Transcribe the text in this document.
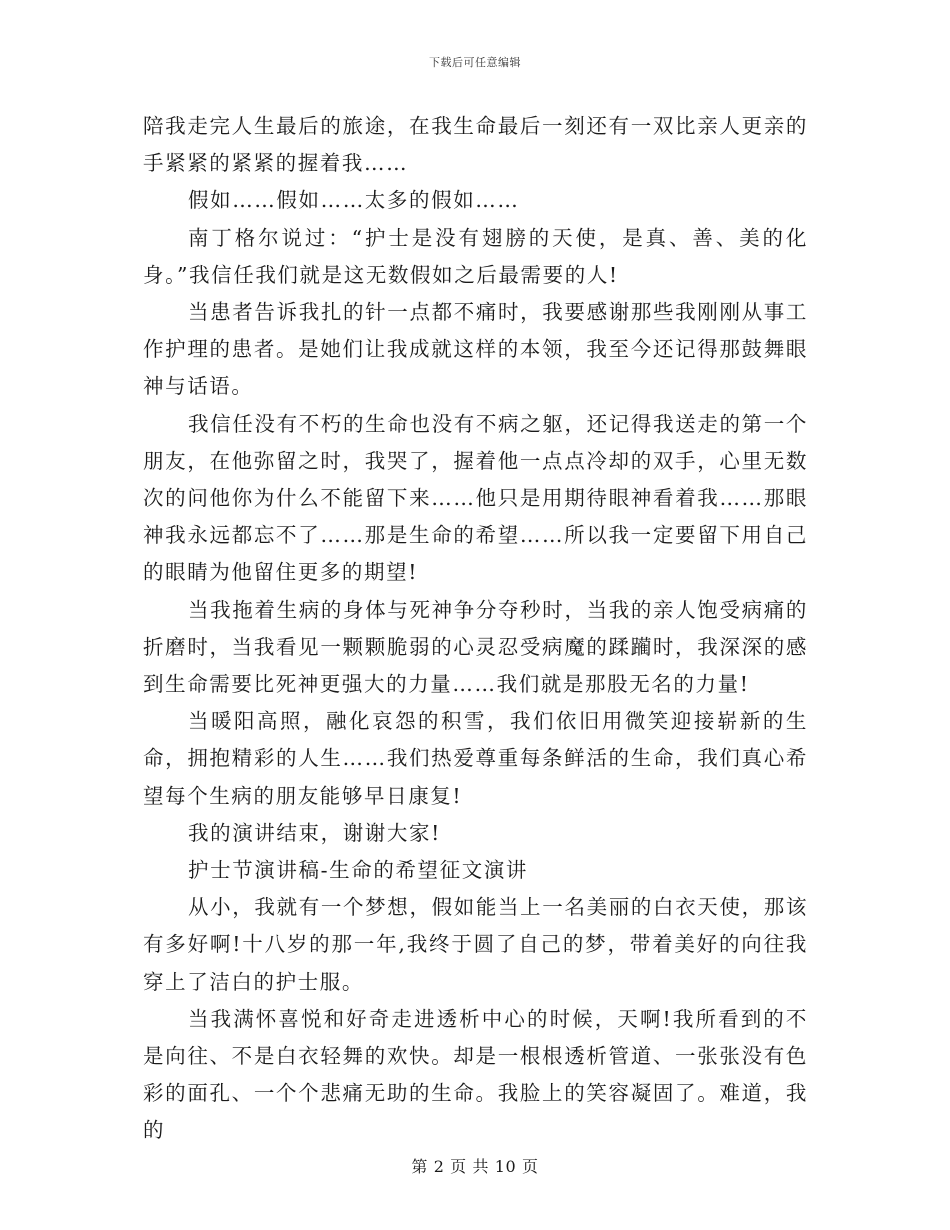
下载后可任意编辑

陪我走完人生最后的旅途，在我生命最后一刻还有一双比亲人更亲的手紧紧的紧紧的握着我……

假如……假如……太多的假如……

南丁格尔说过：“护士是没有翅膀的天使，是真、善、美的化身。”我信任我们就是这无数假如之后最需要的人!

当患者告诉我扎的针一点都不痛时，我要感谢那些我刚刚从事工作护理的患者。是她们让我成就这样的本领，我至今还记得那鼓舞眼神与话语。

我信任没有不朽的生命也没有不病之躯，还记得我送走的第一个朋友，在他弥留之时，我哭了，握着他一点点冷却的双手，心里无数次的问他你为什么不能留下来……他只是用期待眼神看着我……那眼神我永远都忘不了……那是生命的希望……所以我一定要留下用自己的眼睛为他留住更多的期望!

当我拖着生病的身体与死神争分夺秒时，当我的亲人饱受病痛的折磨时，当我看见一颗颗脆弱的心灵忍受病魔的蹂躏时，我深深的感到生命需要比死神更强大的力量……我们就是那股无名的力量!

当暖阳高照，融化哀怨的积雪，我们依旧用微笑迎接崭新的生命，拥抱精彩的人生……我们热爱尊重每条鲜活的生命，我们真心希望每个生病的朋友能够早日康复!

我的演讲结束，谢谢大家!

护士节演讲稿-生命的希望征文演讲

从小，我就有一个梦想，假如能当上一名美丽的白衣天使，那该有多好啊!十八岁的那一年,我终于圆了自己的梦，带着美好的向往我穿上了洁白的护士服。

当我满怀喜悦和好奇走进透析中心的时候，天啊!我所看到的不是向往、不是白衣轻舞的欢快。却是一根根透析管道、一张张没有色彩的面孔、一个个悲痛无助的生命。我脸上的笑容凝固了。难道，我的

第 2 页 共 10 页
